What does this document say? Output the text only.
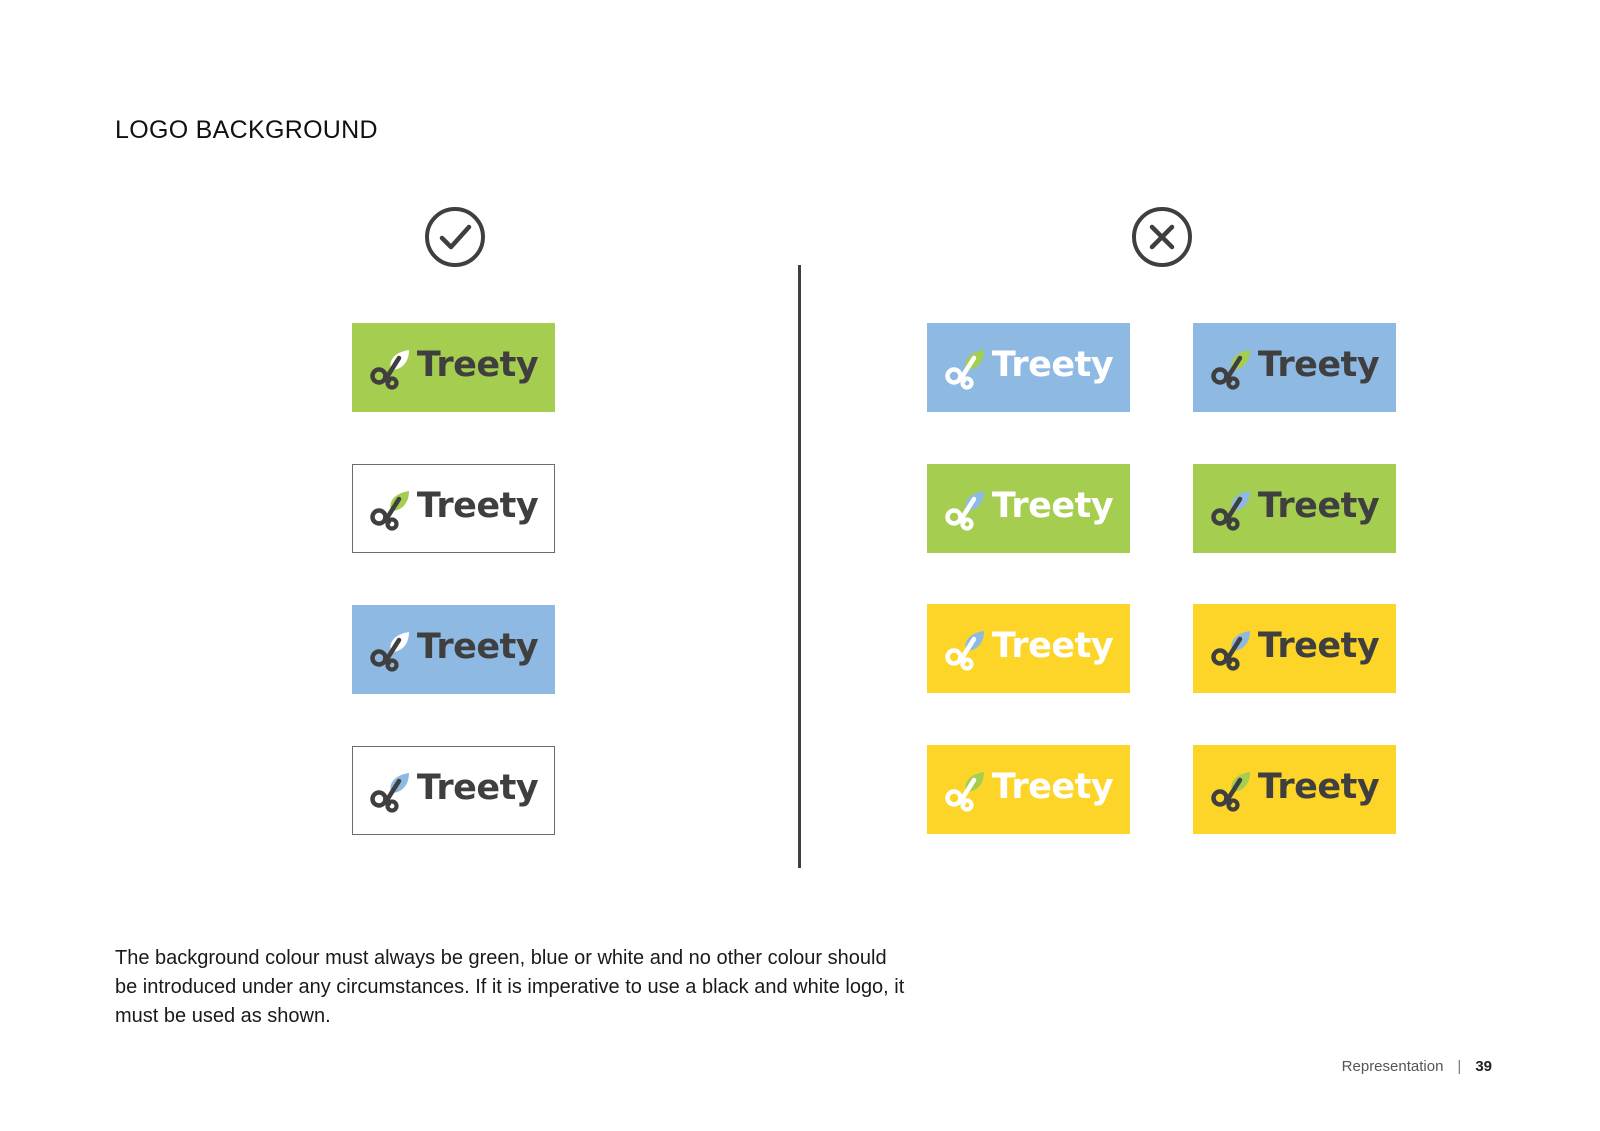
LOGO BACKGROUND
Treety
Treety
Treety
Treety
Treety	Treety
Treety	Treety
Treety	Treety
Treety	Treety
The background colour must always be green, blue or white and no other colour should be introduced under any circumstances. If it is imperative to use a black and white logo, it must be used as shown.
Representation | 39
